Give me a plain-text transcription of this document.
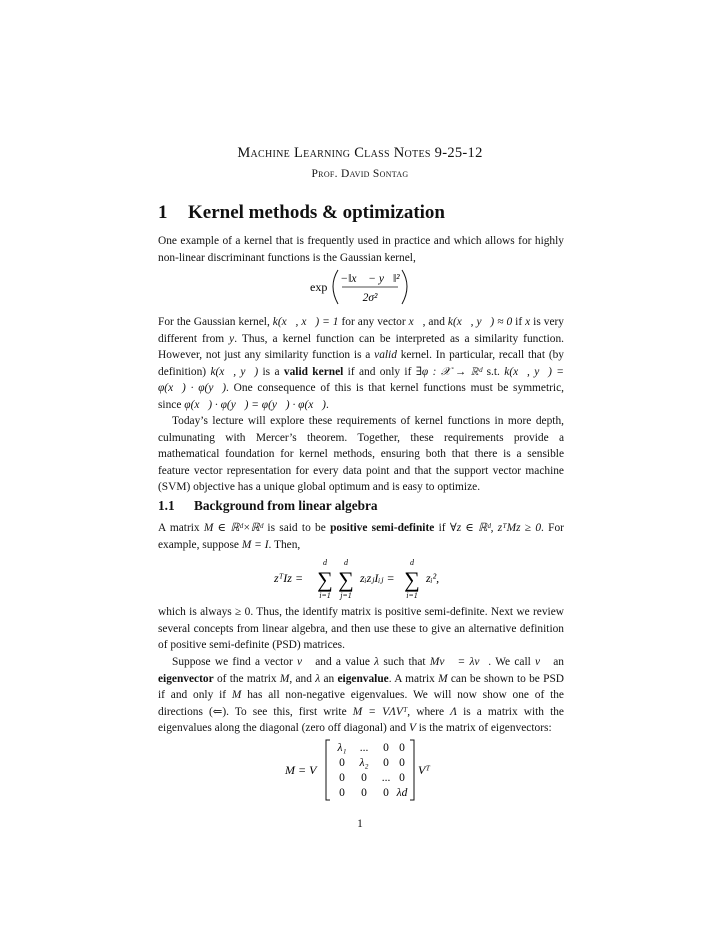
Machine Learning Class Notes 9-25-12
Prof. David Sontag
1 Kernel methods & optimization
One example of a kernel that is frequently used in practice and which allows for highly non-linear discriminant functions is the Gaussian kernel,
exp
−‖x⃗ − y⃗‖²
2σ²
For the Gaussian kernel, k(x⃗, x⃗) = 1 for any vector x⃗, and k(x⃗, y⃗) ≈ 0 if x is very different from y. Thus, a kernel function can be interpreted as a similarity function. However, not just any similarity function is a valid kernel. In particular, recall that (by definition) k(x⃗, y⃗) is a valid kernel if and only if ∃φ : 𝒳 → ℝᵈ s.t. k(x⃗, y⃗) = φ(x⃗) · φ(y⃗). One consequence of this is that kernel functions must be symmetric, since φ(x⃗) · φ(y⃗) = φ(y⃗) · φ(x⃗).
Today’s lecture will explore these requirements of kernel functions in more depth, culmunating with Mercer’s theorem. Together, these requirements provide a mathematical foundation for kernel methods, ensuring both that there is a sensible feature vector representation for every data point and that the support vector machine (SVM) objective has a unique global optimum and is easy to optimize.
1.1 Background from linear algebra
A matrix M ∈ ℝᵈ×ℝᵈ is said to be positive semi-definite if ∀z ∈ ℝᵈ, zᵀMz ≥ 0. For example, suppose M = I. Then,
zᵀIz =
d
∑
i=1
d
∑
j=1
zᵢzⱼIᵢⱼ =
d
∑
i=1
zᵢ²,
which is always ≥ 0. Thus, the identify matrix is positive semi-definite. Next we review several concepts from linear algebra, and then use these to give an alternative definition of positive semi-definite (PSD) matrices.
Suppose we find a vector v⃗ and a value λ such that Mv⃗ = λv⃗. We call v⃗ an eigenvector of the matrix M, and λ an eigenvalue. A matrix M can be shown to be PSD if and only if M has all non-negative eigenvalues. We will now show one of the directions (⇐). To see this, first write M = VΛVᵀ, where Λ is a matrix with the eigenvalues along the diagonal (zero off diagonal) and V is the matrix of eigenvectors:
M = V
λ₁ ... 0 0
0 λ₂ 0 0
0 0 ... 0
0 0 0 λd
Vᵀ
1
